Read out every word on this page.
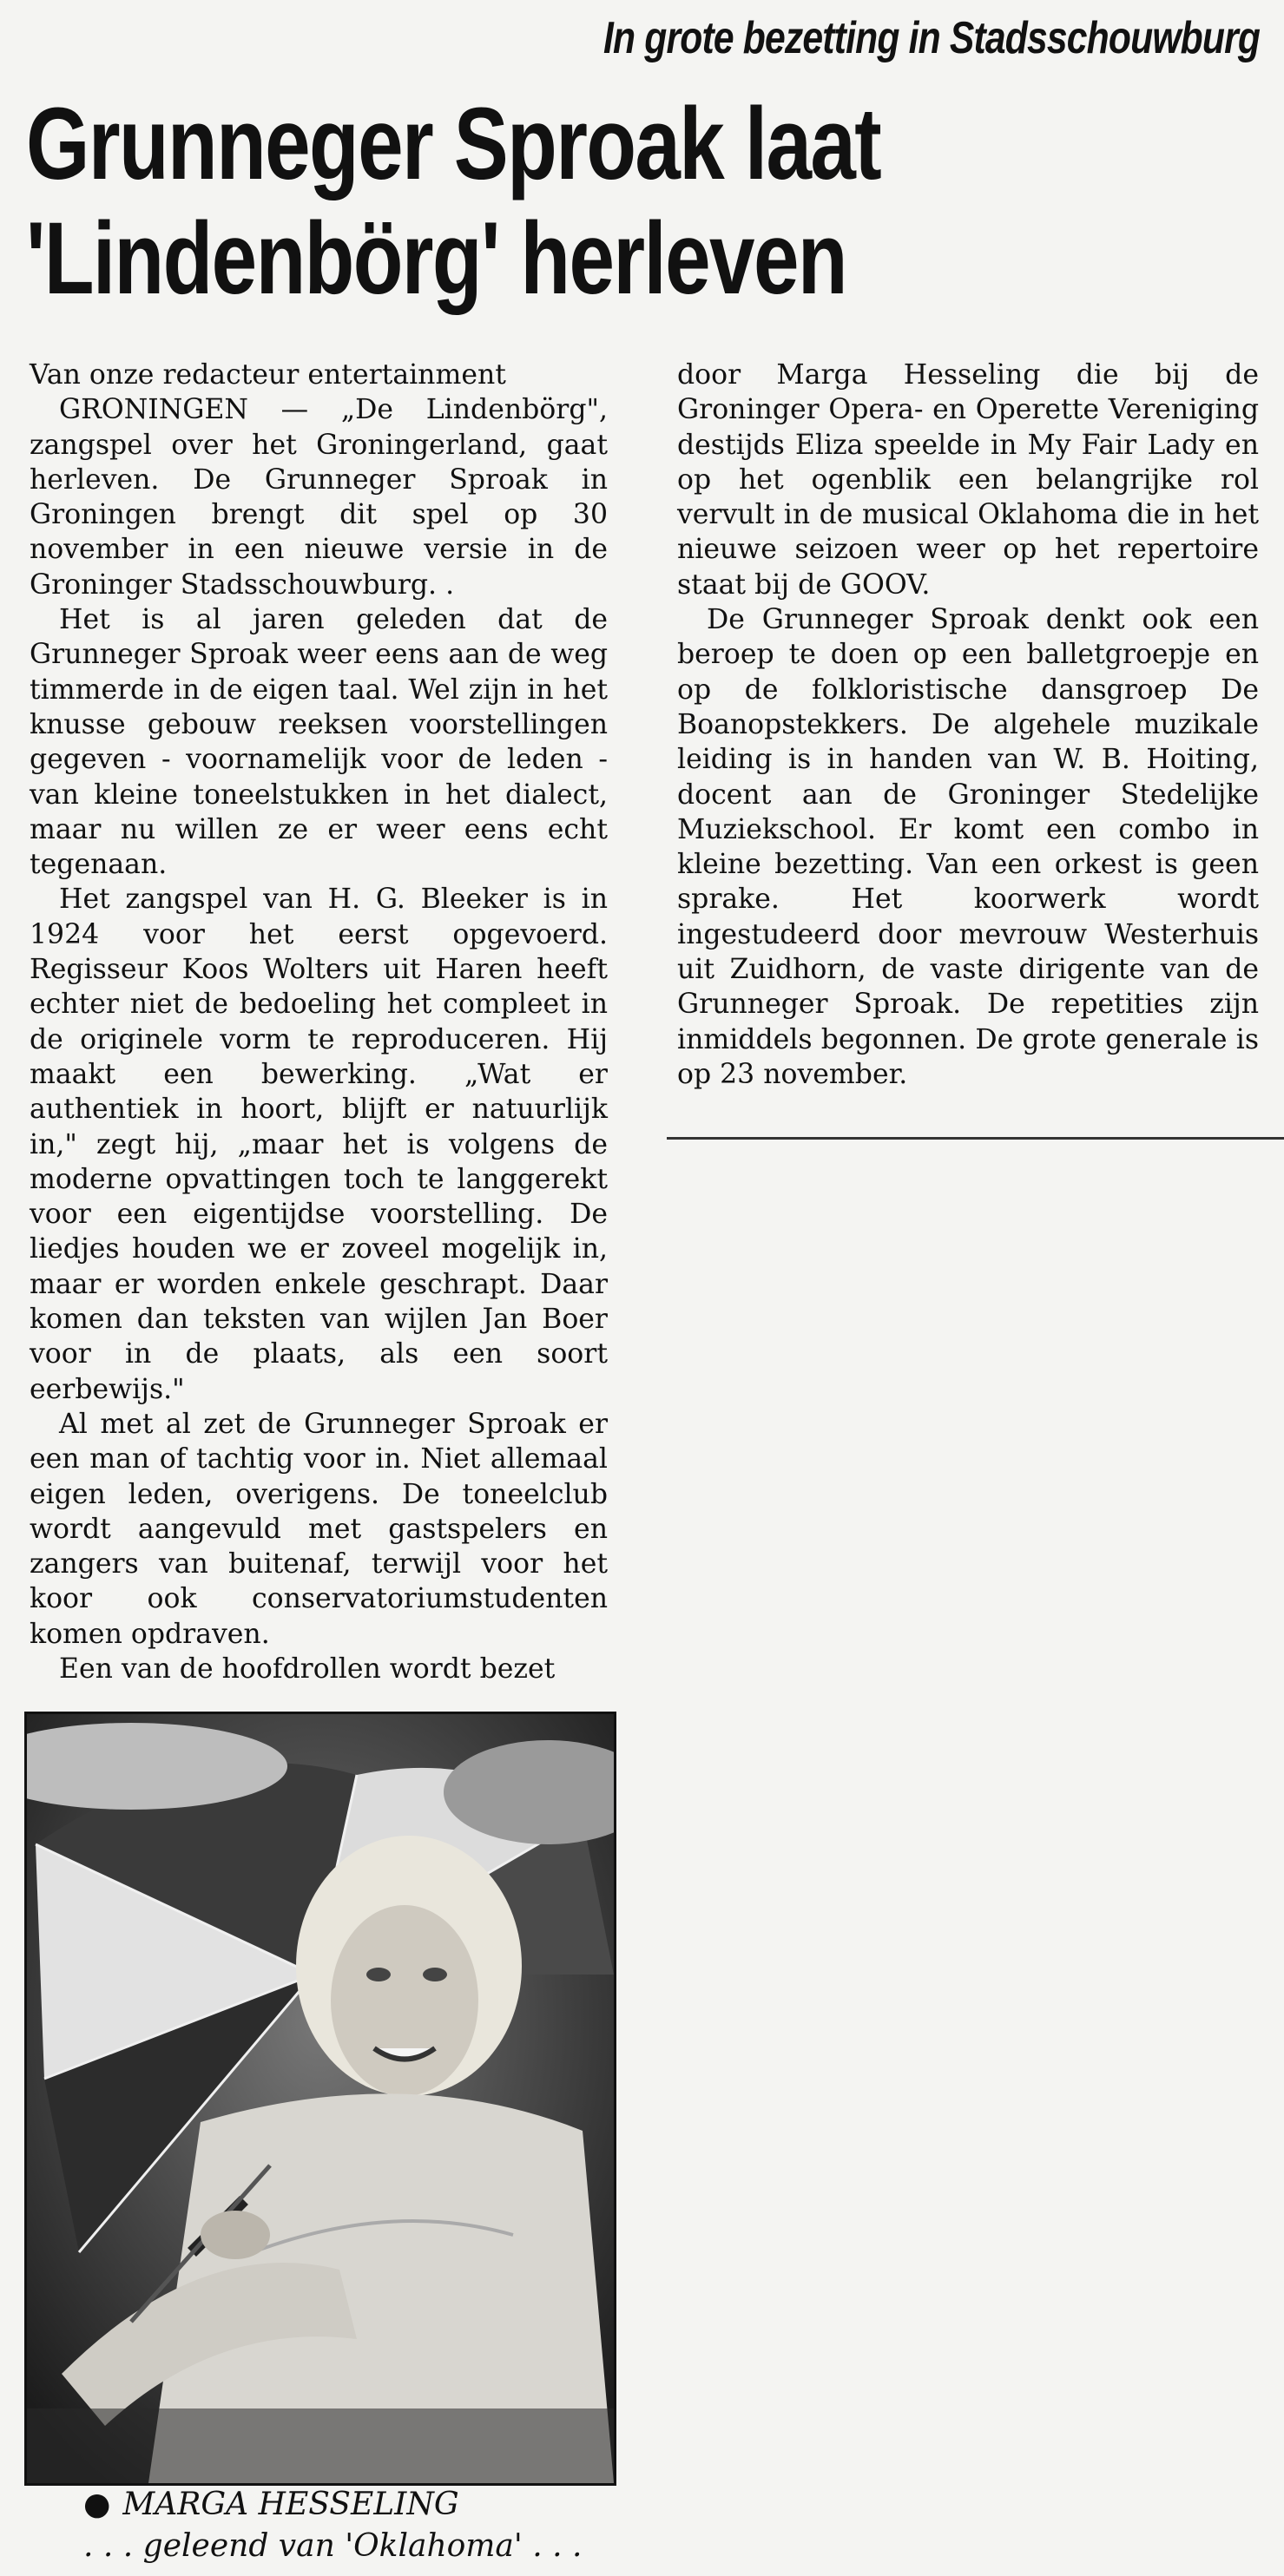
In grote bezetting in Stadsschouwburg
Grunneger Sproak laat
'Lindenbörg' herleven

Van onze redacteur entertainment

GRONINGEN — „De Lindenbörg", zangspel over het Groningerland, gaat herleven. De Grunneger Sproak in Groningen brengt dit spel op 30 november in een nieuwe versie in de Groninger Stadsschouwburg. .

Het is al jaren geleden dat de Grunneger Sproak weer eens aan de weg timmerde in de eigen taal. Wel zijn in het knusse gebouw reeksen voorstellingen gegeven - voornamelijk voor de leden - van kleine toneelstukken in het dialect, maar nu willen ze er weer eens echt tegenaan.

Het zangspel van H. G. Bleeker is in 1924 voor het eerst opgevoerd. Regisseur Koos Wolters uit Haren heeft echter niet de bedoeling het compleet in de originele vorm te reproduceren. Hij maakt een bewerking. „Wat er authentiek in hoort, blijft er natuurlijk in," zegt hij, „maar het is volgens de moderne opvattingen toch te langgerekt voor een eigentijdse voorstelling. De liedjes houden we er zoveel mogelijk in, maar er worden enkele geschrapt. Daar komen dan teksten van wijlen Jan Boer voor in de plaats, als een soort eerbewijs."

Al met al zet de Grunneger Sproak er een man of tachtig voor in. Niet allemaal eigen leden, overigens. De toneelclub wordt aangevuld met gastspelers en zangers van buitenaf, terwijl voor het koor ook conservatoriumstudenten komen opdraven.

Een van de hoofdrollen wordt bezet

door Marga Hesseling die bij de Groninger Opera- en Operette Vereniging destijds Eliza speelde in My Fair Lady en op het ogenblik een belangrijke rol vervult in de musical Oklahoma die in het nieuwe seizoen weer op het repertoire staat bij de GOOV.

De Grunneger Sproak denkt ook een beroep te doen op een balletgroepje en op de folkloristische dansgroep De Boanopstekkers. De algehele muzikale leiding is in handen van W. B. Hoiting, docent aan de Groninger Stedelijke Muziekschool. Er komt een combo in kleine bezetting. Van een orkest is geen sprake. Het koorwerk wordt ingestudeerd door mevrouw Westerhuis uit Zuidhorn, de vaste dirigente van de Grunneger Sproak. De repetities zijn inmiddels begonnen. De grote generale is op 23 november.

● MARGA HESSELING
. . . geleend van 'Oklahoma' . . .
